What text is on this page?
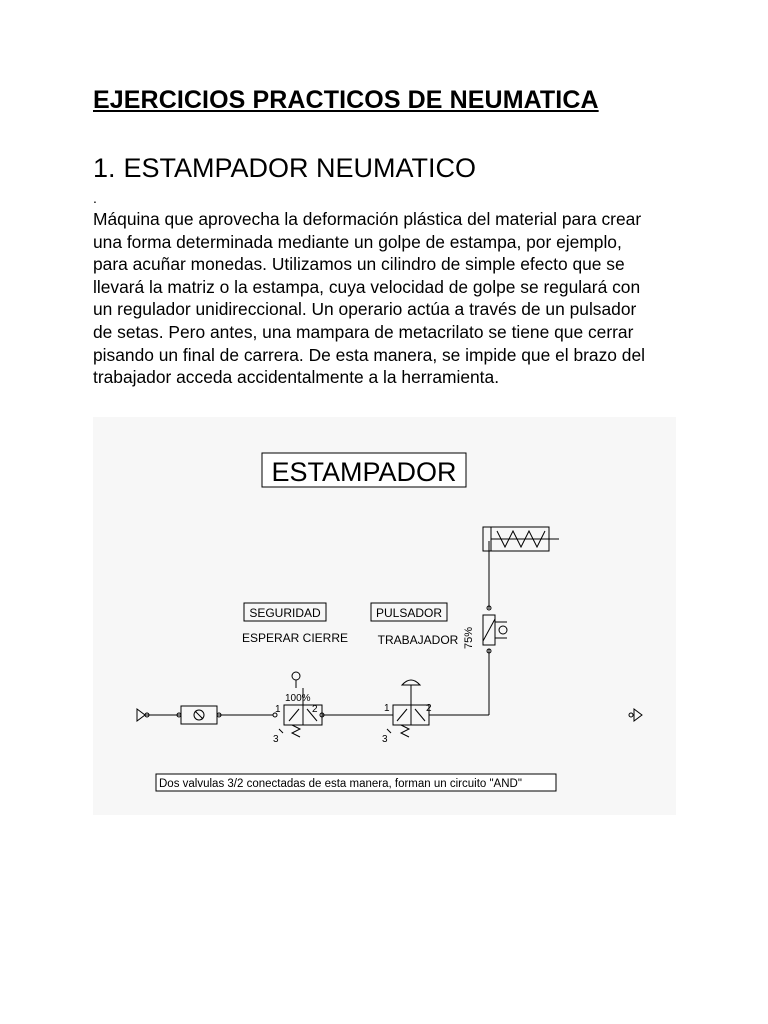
EJERCICIOS PRACTICOS DE NEUMATICA
1. ESTAMPADOR NEUMATICO
.

Máquina que aprovecha la deformación plástica del material para crear
una forma determinada mediante un golpe de estampa, por ejemplo,
para acuñar monedas. Utilizamos un cilindro de simple efecto que se
llevará la matriz o la estampa, cuya velocidad de golpe se regulará con
un regulador unidireccional. Un operario actúa a través de un pulsador
de setas. Pero antes, una mampara de metacrilato se tiene que cerrar
pisando un final de carrera. De esta manera, se impide que el brazo del
trabajador acceda accidentalmente a la herramienta.

ESTAMPADOR
SEGURIDAD
ESPERAR CIERRE
PULSADOR
TRABAJADOR 75%
100%
1	2
3
1	2
3
Dos valvulas 3/2 conectadas de esta manera, forman un circuito "AND"
